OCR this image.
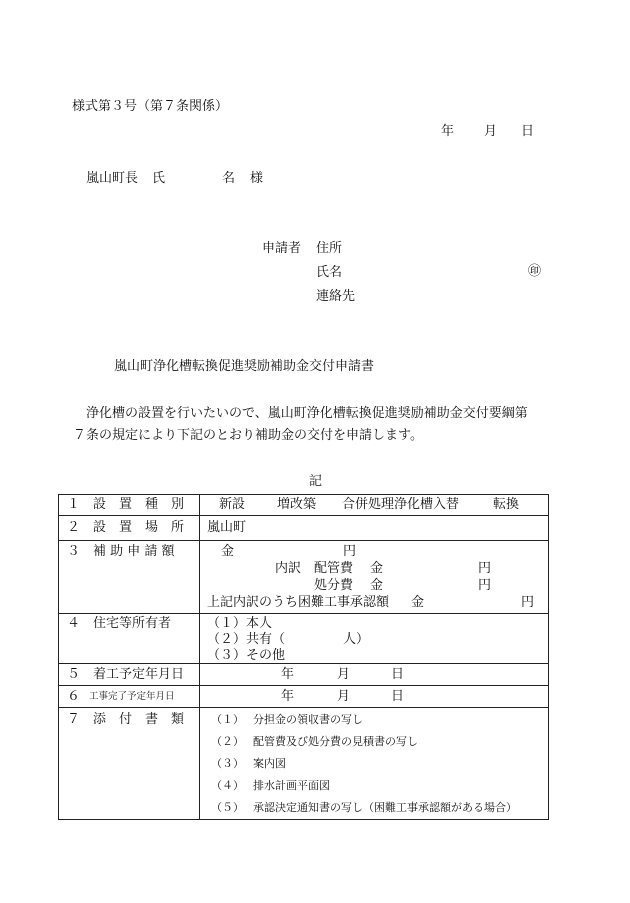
様式第３号（第７条関係）
年 月 日
嵐山町長 氏	名 様
申請者 住所
氏名	㊞
連絡先
嵐山町浄化槽転換促進奨励補助金交付申請書
浄化槽の設置を行いたいので、嵐山町浄化槽転換促進奨励補助金交付要綱第
７条の規定により下記のとおり補助金の交付を申請します。
記
１　設　置　種　別	新設 増改築 合併処理浄化槽入替	転換
２　設　置　場　所 嵐山町
３　補 助 申 請 額	金	円
内訳 配管費 金	円
処分費 金	円
上記内訳のうち困難工事承認額 金	円
４　住宅等所有者	（１）本人
（２）共有（	人）
（３）その他
５　着工予定年月日	年	月	日
６ 工事完了予定年月日	年	月	日
７　添　付　書　類 （１） 分担金の領収書の写し
（２） 配管費及び処分費の見積書の写し
（３） 案内図
（４） 排水計画平面図
（５） 承認決定通知書の写し（困難工事承認額がある場合）
